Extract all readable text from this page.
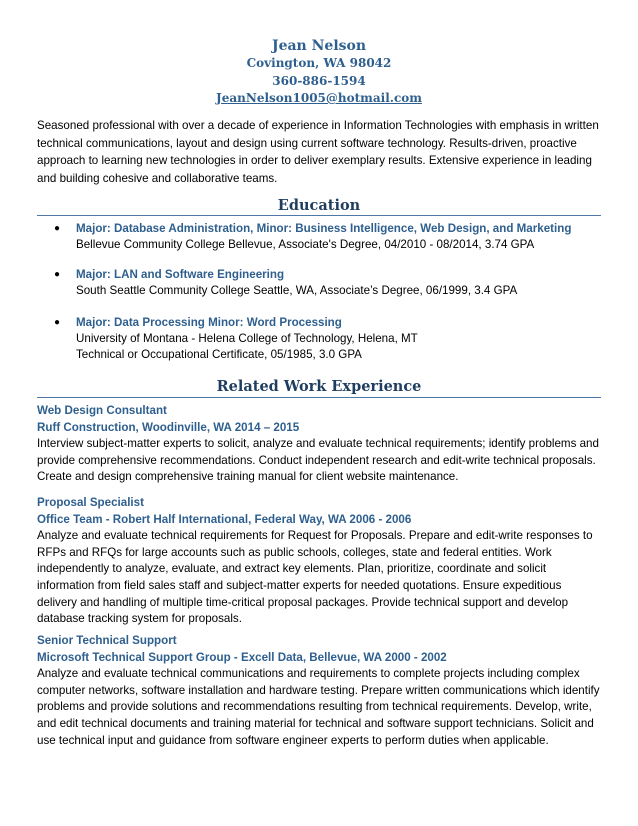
Jean Nelson
Covington, WA 98042
360-886-1594
JeanNelson1005@hotmail.com
Seasoned professional with over a decade of experience in Information Technologies with emphasis in written technical communications, layout and design using current software technology. Results-driven, proactive approach to learning new technologies in order to deliver exemplary results. Extensive experience in leading and building cohesive and collaborative teams.
Education
● Major: Database Administration, Minor: Business Intelligence, Web Design, and Marketing
Bellevue Community College Bellevue, Associate's Degree, 04/2010 - 08/2014, 3.74 GPA
● Major: LAN and Software Engineering
South Seattle Community College Seattle, WA, Associate’s Degree, 06/1999, 3.4 GPA
● Major: Data Processing Minor: Word Processing
University of Montana - Helena College of Technology, Helena, MT
Technical or Occupational Certificate, 05/1985, 3.0 GPA
Related Work Experience
Web Design Consultant
Ruff Construction, Woodinville, WA 2014 – 2015
Interview subject-matter experts to solicit, analyze and evaluate technical requirements; identify problems and provide comprehensive recommendations. Conduct independent research and edit-write technical proposals. Create and design comprehensive training manual for client website maintenance.
Proposal Specialist
Office Team - Robert Half International, Federal Way, WA 2006 - 2006
Analyze and evaluate technical requirements for Request for Proposals. Prepare and edit-write responses to RFPs and RFQs for large accounts such as public schools, colleges, state and federal entities. Work independently to analyze, evaluate, and extract key elements. Plan, prioritize, coordinate and solicit information from field sales staff and subject-matter experts for needed quotations. Ensure expeditious delivery and handling of multiple time-critical proposal packages. Provide technical support and develop database tracking system for proposals.
Senior Technical Support
Microsoft Technical Support Group - Excell Data, Bellevue, WA 2000 - 2002
Analyze and evaluate technical communications and requirements to complete projects including complex computer networks, software installation and hardware testing. Prepare written communications which identify problems and provide solutions and recommendations resulting from technical requirements. Develop, write, and edit technical documents and training material for technical and software support technicians. Solicit and use technical input and guidance from software engineer experts to perform duties when applicable.
